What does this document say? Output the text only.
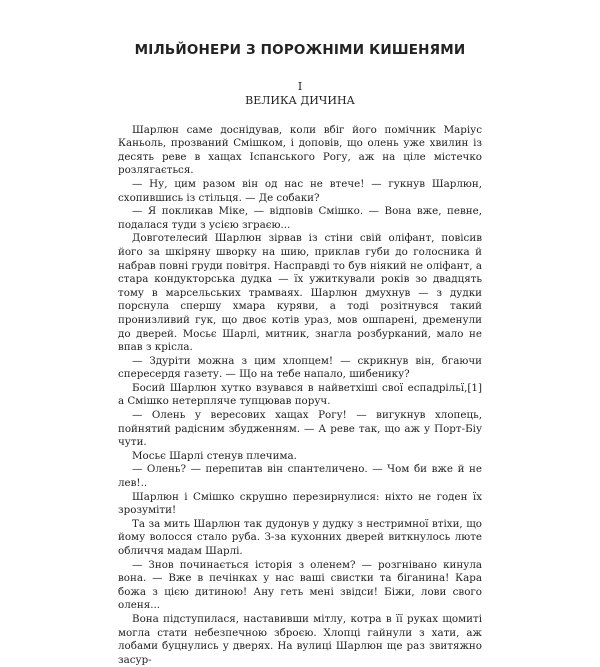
МІЛЬЙОНЕРИ З ПОРОЖНІМИ КИШЕНЯМИ
I
ВЕЛИКА ДИЧИНА

Шарлюн саме доснідував, коли вбіг його помічник Маріус Каньоль, прозваний Смішком, і доповів, що олень уже хвилин із десять реве в хащах Іспанського Рогу, аж на ціле містечко розлягається.

— Ну, цим разом він од нас не втече! — гукнув Шарлюн, схопившись із стільця. — Де собаки?

— Я покликав Міке, — відповів Смішко. — Вона вже, певне, подалася туди з усією зграєю...

Довготелесий Шарлюн зірвав із стіни свій оліфант, повісив його за шкіряну шворку на шию, приклав губи до голосника й набрав повні груди повітря. Насправді то був ніякий не оліфант, а стара кондукторська дудка — їх ужиткували років зо двадцять тому в марсельських трамваях. Шарлюн дмухнув — з дудки порснула спершу хмара куряви, а тоді розітнувся такий пронизливий гук, що двоє котів ураз, мов ошпарені, дременули до дверей. Мосьє Шарлі, митник, знагла розбурканий, мало не впав з крісла.

— Здуріти можна з цим хлопцем! — скрикнув він, бгаючи спересердя газету. — Що на тебе напало, шибенику?

Босий Шарлюн хутко взувався в найветхіші свої еспадрільї,[1] а Смішко нетерпляче тупцював поруч.

— Олень у вересових хащах Рогу! — вигукнув хлопець, пойнятий радісним збудженням. — А реве так, що аж у Порт-Біу чути.

Мосьє Шарлі стенув плечима.

— Олень? — перепитав він спантеличено. — Чом би вже й не лев!..

Шарлюн і Смішко скрушно перезирнулися: ніхто не годен їх зрозуміти!

Та за мить Шарлюн так дудонув у дудку з нестримної втіхи, що йому волосся стало руба. З-за кухонних дверей виткнулось люте обличчя мадам Шарлі.

— Знов починається історія з оленем? — розгнівано кинула вона. — Вже в печінках у нас ваші свистки та біганина! Кара божа з цією дитиною! Ану геть мені звідси! Біжи, лови свого оленя...

Вона підступилася, наставивши мітлу, котра в її руках щомиті могла стати небезпечною зброєю. Хлопці гайнули з хати, аж лобами буцнулись у дверях. На вулиці Шарлюн ще раз звитяжно засур-
